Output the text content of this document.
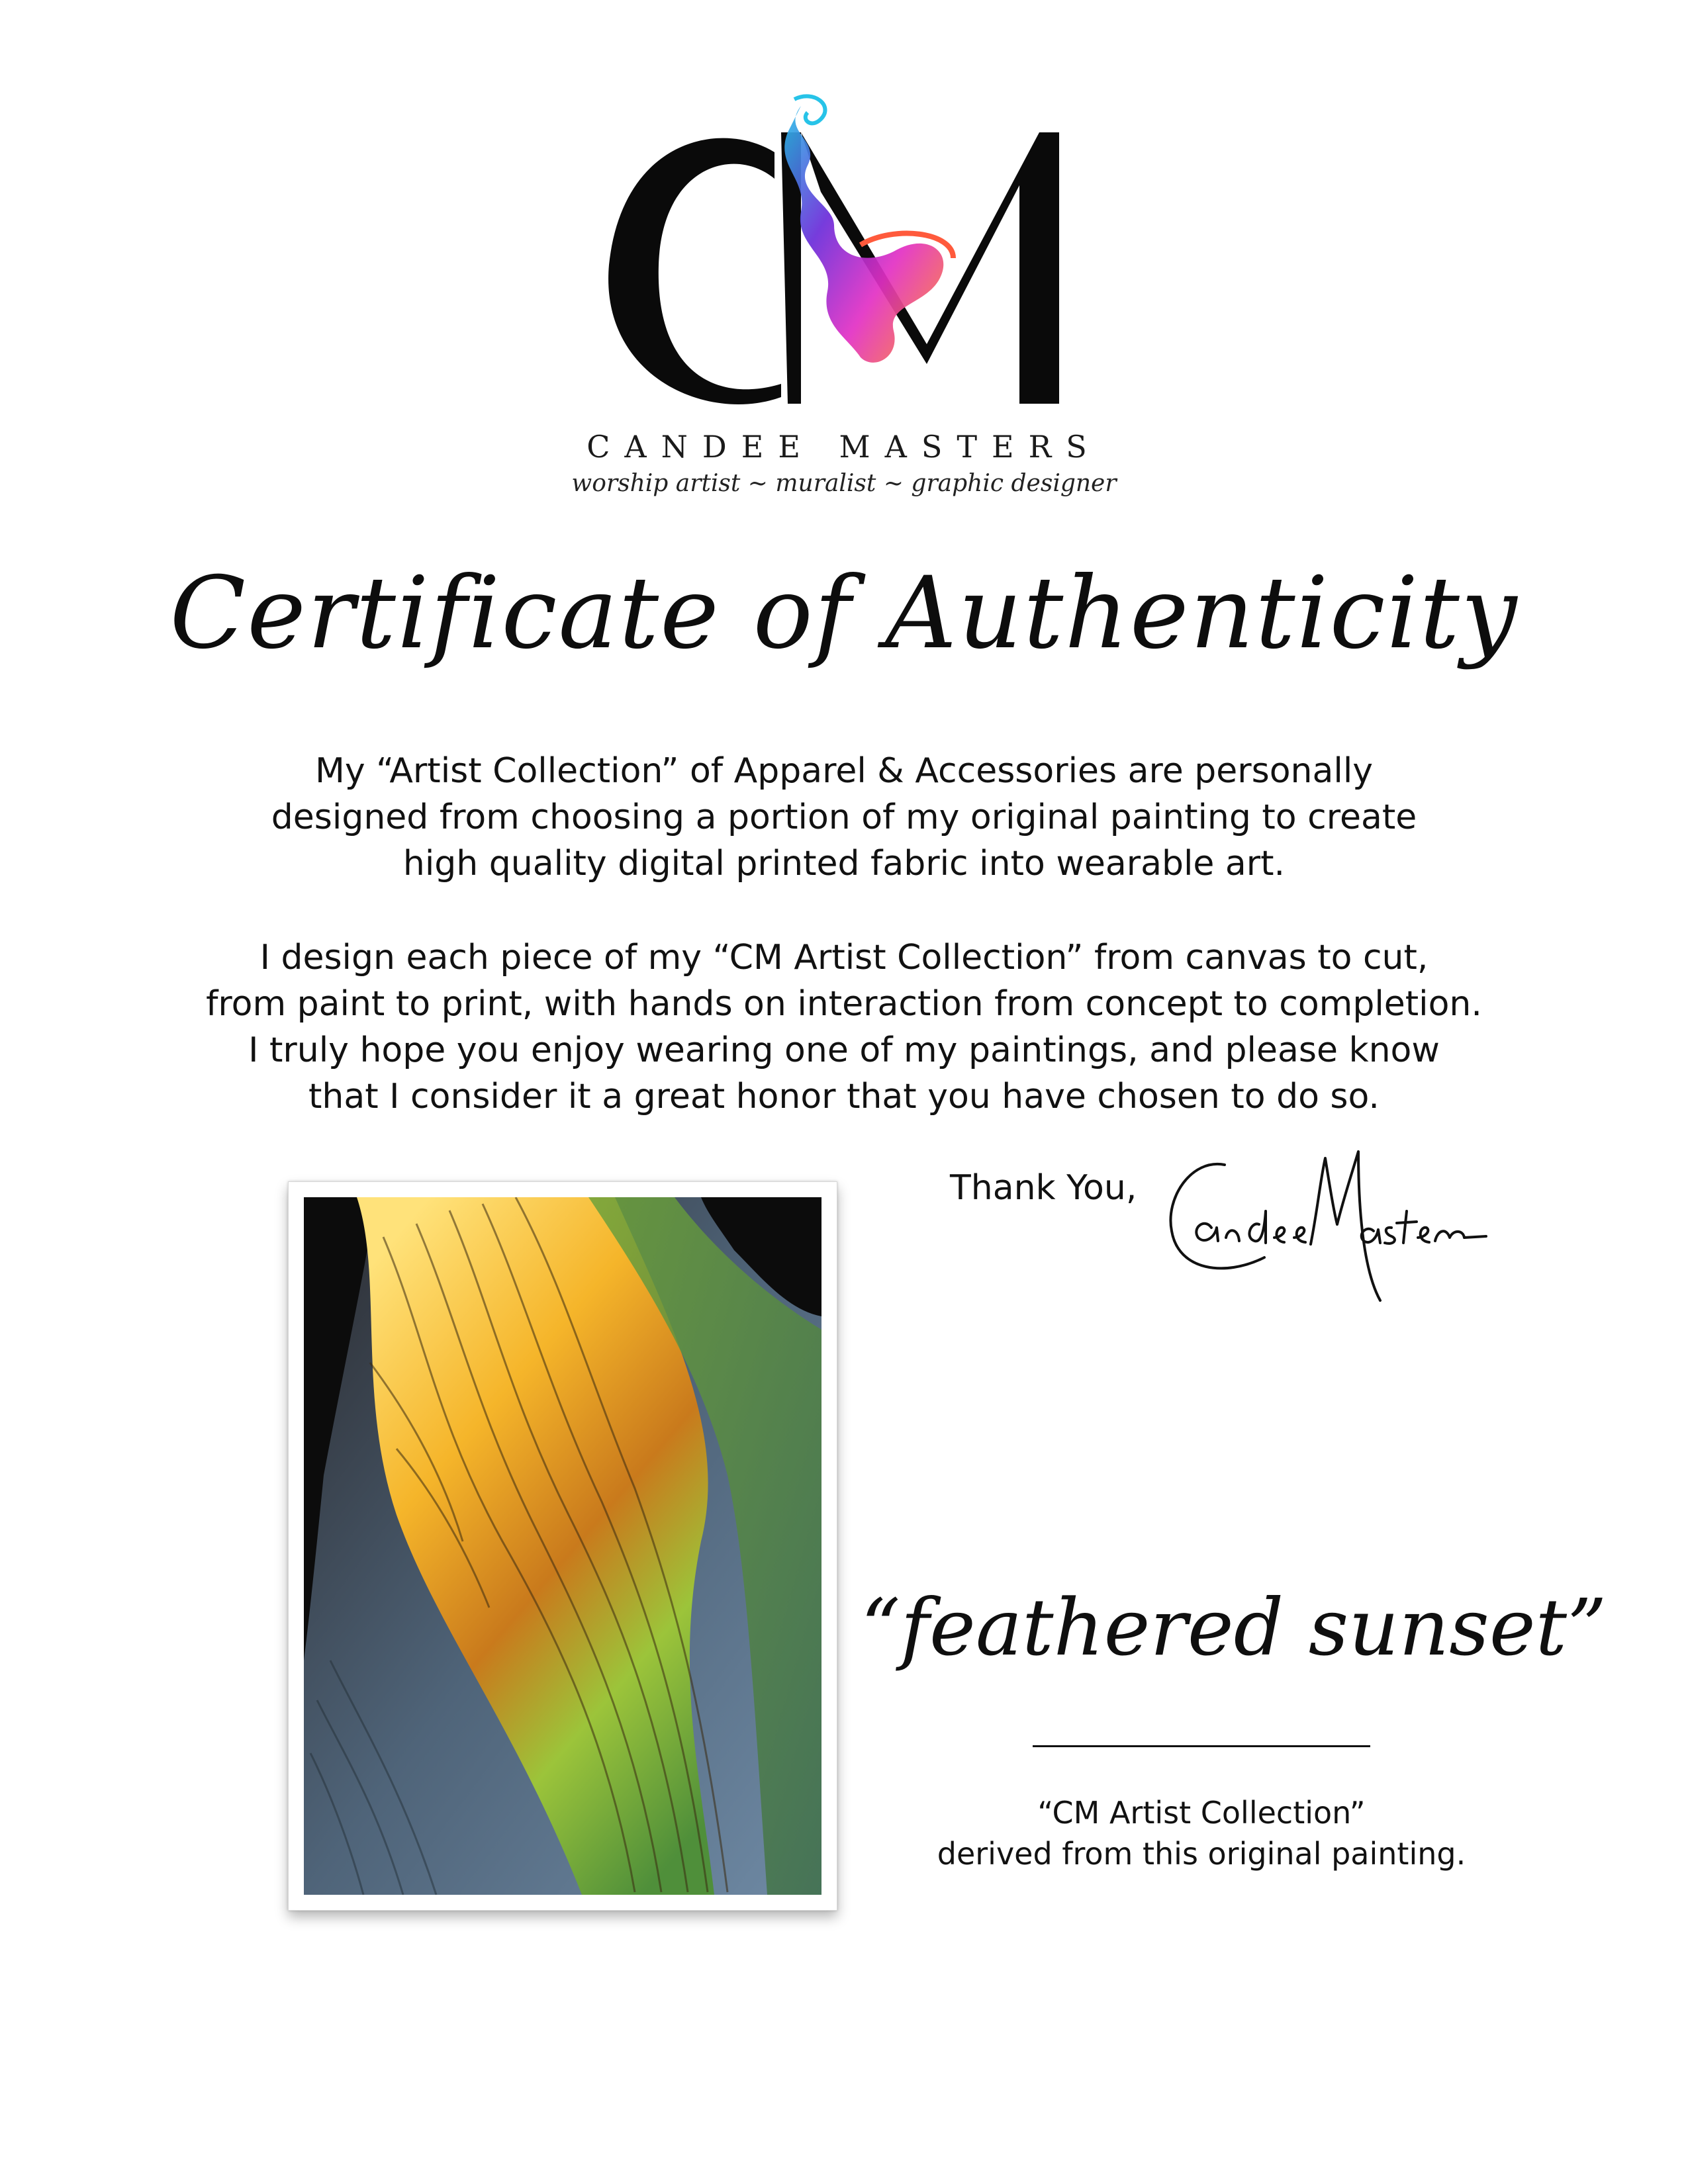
CANDEE MASTERS
worship artist ~ muralist ~ graphic designer
Certificate of Authenticity
My “Artist Collection” of Apparel & Accessories are personally
designed from choosing a portion of my original painting to create
high quality digital printed fabric into wearable art.
I design each piece of my “CM Artist Collection” from canvas to cut,
from paint to print, with hands on interaction from concept to completion.
I truly hope you enjoy wearing one of my paintings, and please know
that I consider it a great honor that you have chosen to do so.
Thank You,
“feathered sunset”
“CM Artist Collection”
derived from this original painting.
